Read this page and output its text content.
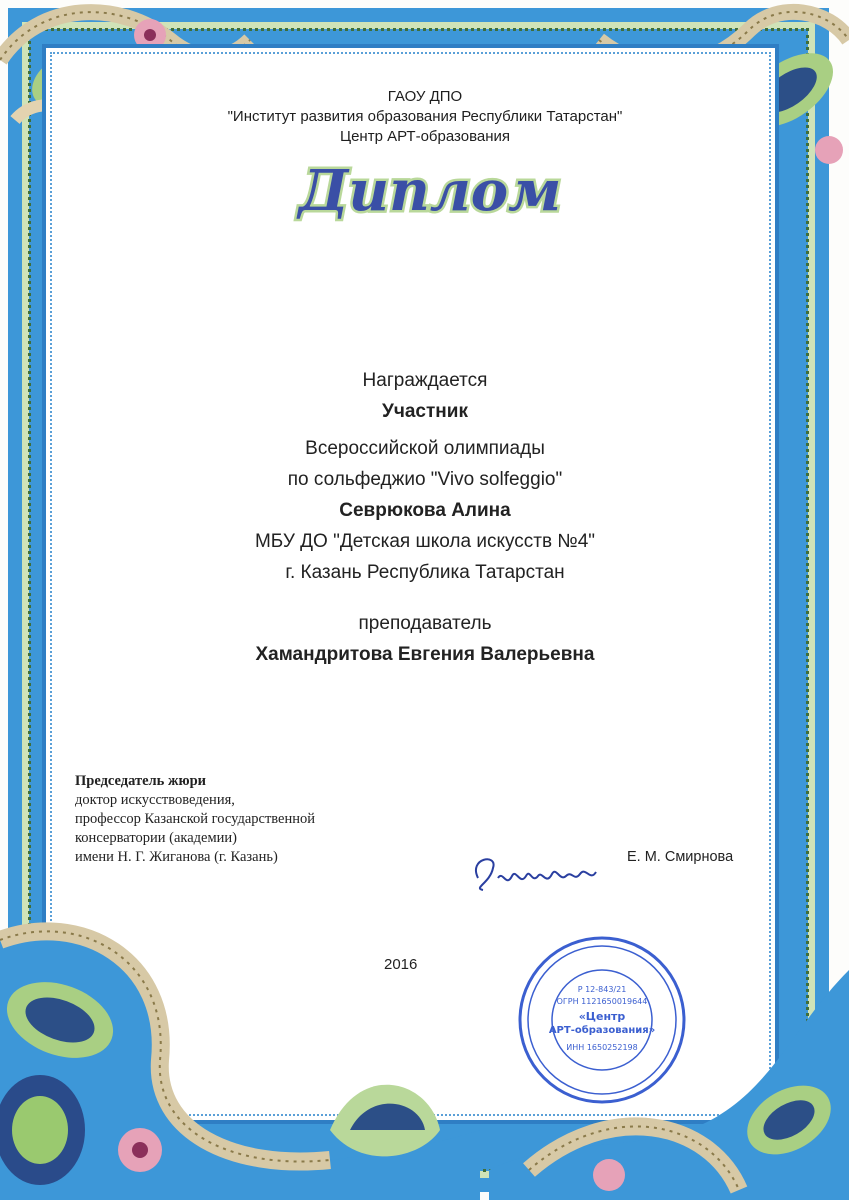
ГАОУ ДПО
"Институт развития образования Республики Татарстан"
Центр АРТ-образования
Диплом
Награждается
Участник
Всероссийской олимпиады
по сольфеджио "Vivo solfeggio"
Севрюкова Алина
МБУ ДО "Детская школа искусств №4"
г. Казань Республика Татарстан
преподаватель
Хамандритова Евгения Валерьевна
Председатель жюри
доктор искусствоведения,
профессор Казанской государственной
консерватории (академии)
имени Н. Г. Жиганова (г. Казань)	Е. М. Смирнова
2016
Р 12-843/21
ОГРН 1121650019644
«Центр
АРТ-образования»
ИНН 1650252198
